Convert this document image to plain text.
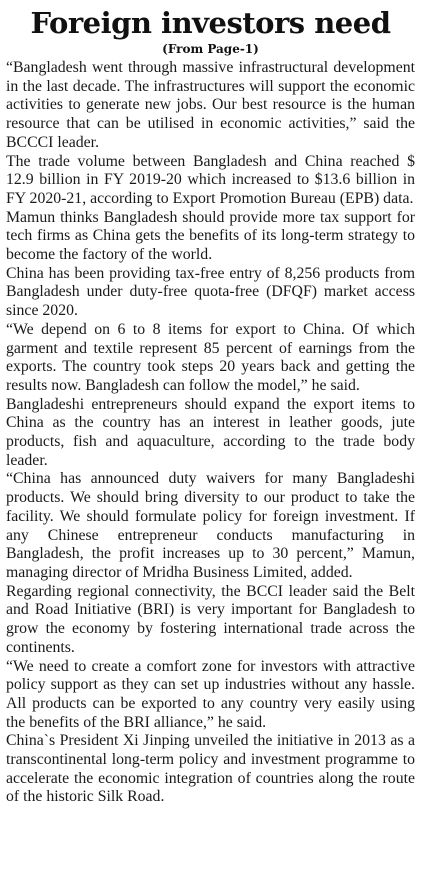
Foreign investors need
(From Page-1)

“Bangladesh went through massive infrastructural development in the last decade. The infrastructures will support the economic activities to generate new jobs. Our best resource is the human resource that can be utilised in economic activities,” said the BCCCI leader.

The trade volume between Bangladesh and China reached $ 12.9 billion in FY 2019-20 which increased to $13.6 billion in FY 2020-21, according to Export Promotion Bureau (EPB) data.

Mamun thinks Bangladesh should provide more tax support for tech firms as China gets the benefits of its long-term strategy to become the factory of the world.

China has been providing tax-free entry of 8,256 products from Bangladesh under duty-free quota-free (DFQF) market access since 2020.

“We depend on 6 to 8 items for export to China. Of which garment and textile represent 85 percent of earnings from the exports. The country took steps 20 years back and getting the results now. Bangladesh can follow the model,” he said.

Bangladeshi entrepreneurs should expand the export items to China as the country has an interest in leather goods, jute products, fish and aquaculture, according to the trade body leader.

“China has announced duty waivers for many Bangladeshi products. We should bring diversity to our product to take the facility. We should formulate policy for foreign investment. If any Chinese entrepreneur conducts manufacturing in Bangladesh, the profit increases up to 30 percent,” Mamun, managing director of Mridha Business Limited, added.

Regarding regional connectivity, the BCCI leader said the Belt and Road Initiative (BRI) is very important for Bangladesh to grow the economy by fostering international trade across the continents.

“We need to create a comfort zone for investors with attractive policy support as they can set up industries without any hassle. All products can be exported to any country very easily using the benefits of the BRI alliance,” he said.

China`s President Xi Jinping unveiled the initiative in 2013 as a transcontinental long-term policy and investment programme to accelerate the economic integration of countries along the route of the historic Silk Road.
